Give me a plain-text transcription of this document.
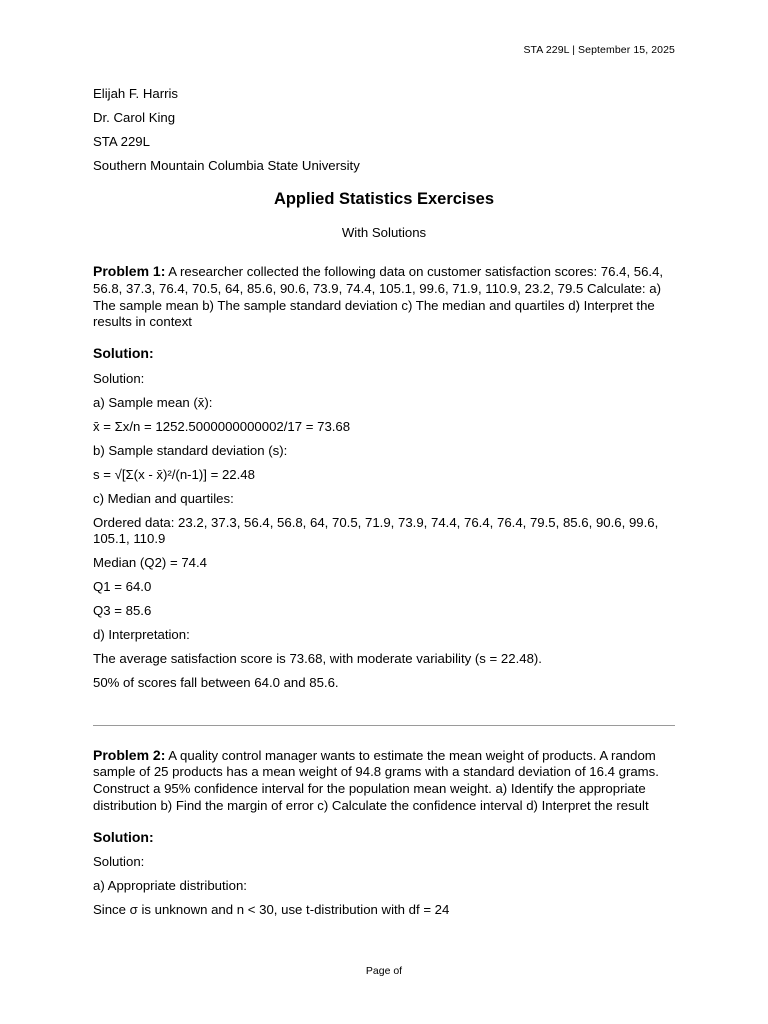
STA 229L | September 15, 2025

Elijah F. Harris

Dr. Carol King

STA 229L

Southern Mountain Columbia State University

Applied Statistics Exercises
With Solutions
Problem 1: A researcher collected the following data on customer satisfaction scores: 76.4, 56.4, 56.8, 37.3, 76.4, 70.5, 64, 85.6, 90.6, 73.9, 74.4, 105.1, 99.6, 71.9, 110.9, 23.2, 79.5 Calculate: a) The sample mean b) The sample standard deviation c) The median and quartiles d) Interpret the results in context
Solution:

Solution:

a) Sample mean (x̄):

x̄ = Σx/n = 1252.5000000000002/17 = 73.68

b) Sample standard deviation (s):

s = √[Σ(x - x̄)²/(n-1)] = 22.48

c) Median and quartiles:

Ordered data: 23.2, 37.3, 56.4, 56.8, 64, 70.5, 71.9, 73.9, 74.4, 76.4, 76.4, 79.5, 85.6, 90.6, 99.6, 105.1, 110.9

Median (Q2) = 74.4

Q1 = 64.0

Q3 = 85.6

d) Interpretation:

The average satisfaction score is 73.68, with moderate variability (s = 22.48).

50% of scores fall between 64.0 and 85.6.

Problem 2: A quality control manager wants to estimate the mean weight of products. A random sample of 25 products has a mean weight of 94.8 grams with a standard deviation of 16.4 grams. Construct a 95% confidence interval for the population mean weight. a) Identify the appropriate distribution b) Find the margin of error c) Calculate the confidence interval d) Interpret the result
Solution:

Solution:

a) Appropriate distribution:

Since σ is unknown and n < 30, use t-distribution with df = 24

Page of
